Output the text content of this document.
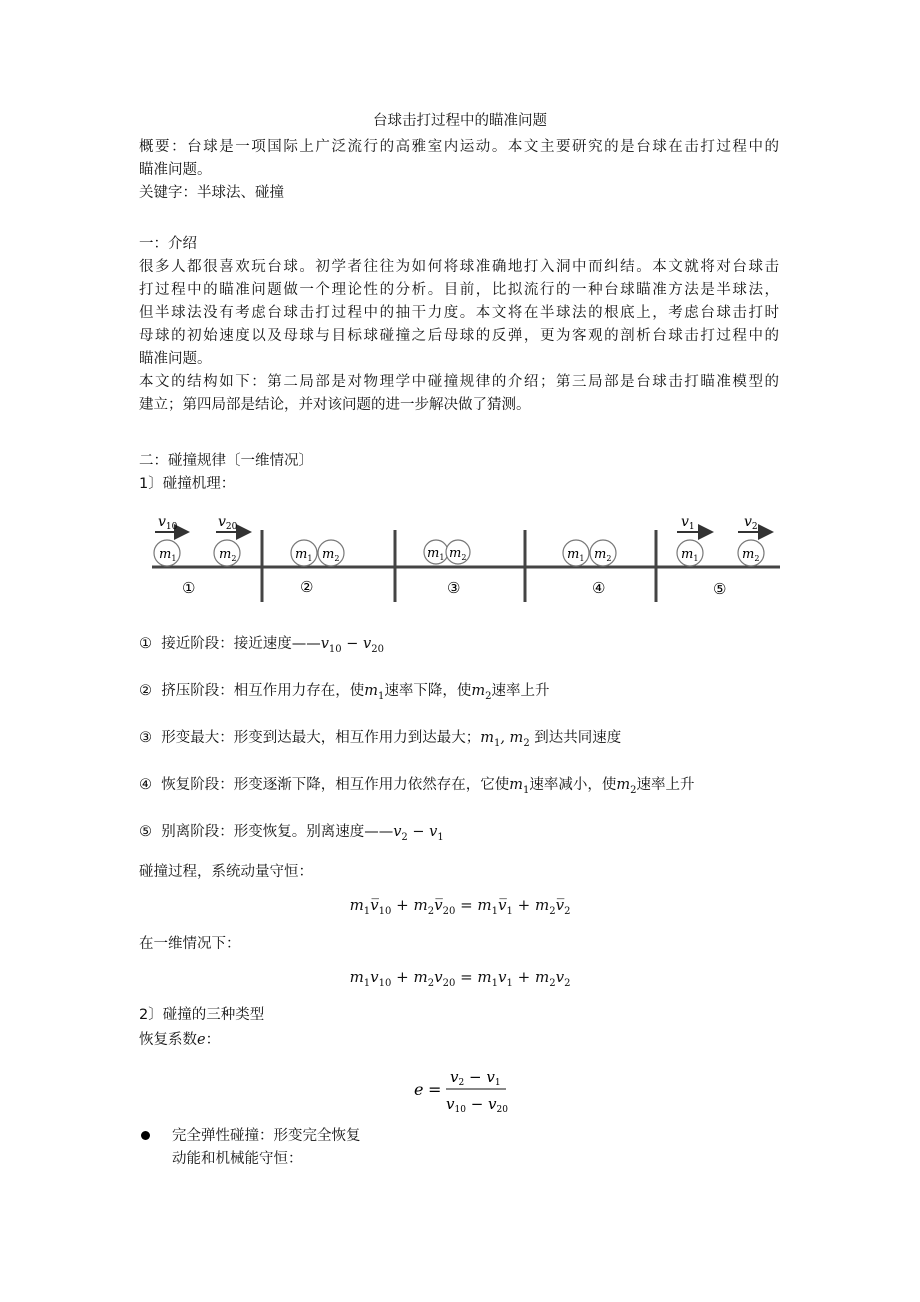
台球击打过程中的瞄准问题
概要：台球是一项国际上广泛流行的高雅室内运动。本文主要研究的是台球在击打过程中的
瞄准问题。
关键字：半球法、碰撞
一：介绍
很多人都很喜欢玩台球。初学者往往为如何将球准确地打入洞中而纠结。本文就将对台球击
打过程中的瞄准问题做一个理论性的分析。目前，比拟流行的一种台球瞄准方法是半球法，
但半球法没有考虑台球击打过程中的抽干力度。本文将在半球法的根底上，考虑台球击打时
母球的初始速度以及母球与目标球碰撞之后母球的反弹，更为客观的剖析台球击打过程中的
瞄准问题。
本文的结构如下：第二局部是对物理学中碰撞规律的介绍；第三局部是台球击打瞄准模型的
建立；第四局部是结论，并对该问题的进一步解决做了猜测。
二：碰撞规律〔一维情况〕
1〕碰撞机理：
$v_{10}$	$v_{20}$
$m_1$	$m_2$	$m_1$ $m_2$	$m_1$ $m_2$	$m_1$ $m_2$
$v_1$	$v_2$
$m_1$	$m_2$
①	②	③	④	⑤
① 接近阶段：接近速度$——v_{10} - v_{20}$
② 挤压阶段：相互作用力存在，使$m_1$速率下降，使$m_2$速率上升
③ 形变最大：形变到达最大，相互作用力到达最大；$m_1$, $m_2$ 到达共同速度
④ 恢复阶段：形变逐渐下降，相互作用力依然存在，它使$m_1$速率减小，使$m_2$速率上升
⑤ 别离阶段：形变恢复。别离速度$——v_2 - v_1$
碰撞过程，系统动量守恒：
$m_1v̅_{10}$ + $m_2v̅_{20}$ = $m_1v̅_1$ + $m_2v̅_2$
在一维情况下：
$m_1v_{10} + m_2v_{20} = m_1v_1 + m_2v_2$
2〕碰撞的三种类型
恢复系数e：
e =
$v_2 - v_1$
$v_{10} - v_{20}$
完全弹性碰撞：形变完全恢复
动能和机械能守恒：
